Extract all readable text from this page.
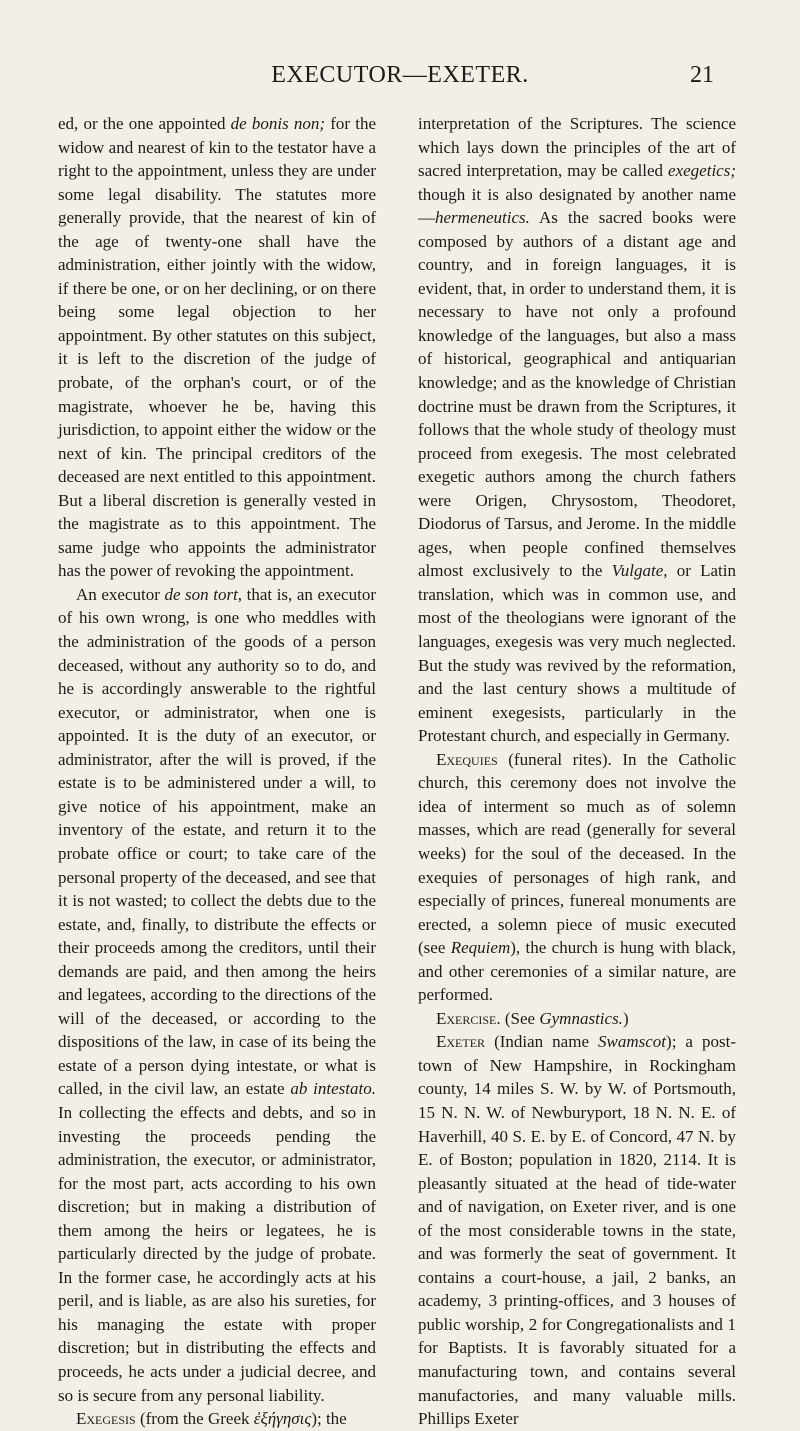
EXECUTOR—EXETER.	21

ed, or the one appointed de bonis non; for the widow and nearest of kin to the testator have a right to the appointment, unless they are under some legal disability. The statutes more generally provide, that the nearest of kin of the age of twenty-one shall have the administration, either jointly with the widow, if there be one, or on her declining, or on there being some legal objection to her appointment. By other statutes on this subject, it is left to the discretion of the judge of probate, of the orphan's court, or of the magistrate, whoever he be, having this jurisdiction, to appoint either the widow or the next of kin. The principal creditors of the deceased are next entitled to this appointment. But a liberal discretion is generally vested in the magistrate as to this appointment. The same judge who appoints the administrator has the power of revoking the appointment.

An executor de son tort, that is, an executor of his own wrong, is one who meddles with the administration of the goods of a person deceased, without any authority so to do, and he is accordingly answerable to the rightful executor, or administrator, when one is appointed. It is the duty of an executor, or administrator, after the will is proved, if the estate is to be administered under a will, to give notice of his appointment, make an inventory of the estate, and return it to the probate office or court; to take care of the personal property of the deceased, and see that it is not wasted; to collect the debts due to the estate, and, finally, to distribute the effects or their proceeds among the creditors, until their demands are paid, and then among the heirs and legatees, according to the directions of the will of the deceased, or according to the dispositions of the law, in case of its being the estate of a person dying intestate, or what is called, in the civil law, an estate ab intestato. In collecting the effects and debts, and so in investing the proceeds pending the administration, the executor, or administrator, for the most part, acts according to his own discretion; but in making a distribution of them among the heirs or legatees, he is particularly directed by the judge of probate. In the former case, he accordingly acts at his peril, and is liable, as are also his sureties, for his managing the estate with proper discretion; but in distributing the effects and proceeds, he acts under a judicial decree, and so is secure from any personal liability.

Exegesis (from the Greek ἐξήγησις); the

interpretation of the Scriptures. The science which lays down the principles of the art of sacred interpretation, may be called exegetics; though it is also designated by another name—hermeneutics. As the sacred books were composed by authors of a distant age and country, and in foreign languages, it is evident, that, in order to understand them, it is necessary to have not only a profound knowledge of the languages, but also a mass of historical, geographical and antiquarian knowledge; and as the knowledge of Christian doctrine must be drawn from the Scriptures, it follows that the whole study of theology must proceed from exegesis. The most celebrated exegetic authors among the church fathers were Origen, Chrysostom, Theodoret, Diodorus of Tarsus, and Jerome. In the middle ages, when people confined themselves almost exclusively to the Vulgate, or Latin translation, which was in common use, and most of the theologians were ignorant of the languages, exegesis was very much neglected. But the study was revived by the reformation, and the last century shows a multitude of eminent exegesists, particularly in the Protestant church, and especially in Germany.

Exequies (funeral rites). In the Catholic church, this ceremony does not involve the idea of interment so much as of solemn masses, which are read (generally for several weeks) for the soul of the deceased. In the exequies of personages of high rank, and especially of princes, funereal monuments are erected, a solemn piece of music executed (see Requiem), the church is hung with black, and other ceremonies of a similar nature, are performed.

Exercise. (See Gymnastics.)

Exeter (Indian name Swamscot); a post-town of New Hampshire, in Rockingham county, 14 miles S. W. by W. of Portsmouth, 15 N. N. W. of Newburyport, 18 N. N. E. of Haverhill, 40 S. E. by E. of Concord, 47 N. by E. of Boston; population in 1820, 2114. It is pleasantly situated at the head of tide-water and of navigation, on Exeter river, and is one of the most considerable towns in the state, and was formerly the seat of government. It contains a court-house, a jail, 2 banks, an academy, 3 printing-offices, and 3 houses of public worship, 2 for Congregationalists and 1 for Baptists. It is favorably situated for a manufacturing town, and contains several manufactories, and many valuable mills. Phillips Exeter
